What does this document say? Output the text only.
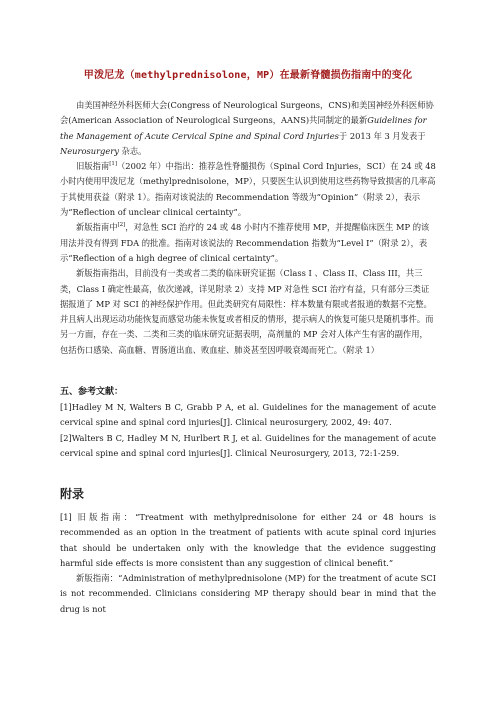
甲泼尼龙（methylprednisolone，MP）在最新脊髓损伤指南中的变化

由美国神经外科医师大会(Congress of Neurological Surgeons，CNS)和美国神经外科医师协会(American Association of Neurological Surgeons，AANS)共同制定的最新Guidelines for the Management of Acute Cervical Spine and Spinal Cord Injuries于 2013 年 3 月发表于 Neurosurgery 杂志。

旧版指南[1]（2002 年）中指出：推荐急性脊髓损伤（Spinal Cord Injuries，SCI）在 24 或 48 小时内使用甲泼尼龙（methylprednisolone，MP），只要医生认识到使用这些药物导致损害的几率高于其使用获益（附录 1）。指南对该说法的 Recommendation 等级为“Opinion”（附录 2），表示为“Reflection of unclear clinical certainty”。

新版指南中[2]，对急性 SCI 治疗的 24 或 48 小时内不推荐使用 MP，并提醒临床医生 MP 的该用法并没有得到 FDA 的批准。指南对该说法的 Recommendation 指数为“Level I”（附录 2），表示“Reflection of a high degree of clinical certainty”。

新版指南指出，目前没有一类或者二类的临床研究证据（Class I 、Class II、Class III，共三类，Class I 确定性最高，依次递减，详见附录 2）支持 MP 对急性 SCI 治疗有益，只有部分三类证据报道了 MP 对 SCI 的神经保护作用。但此类研究有局限性：样本数量有限或者报道的数据不完整。并且病人出现运动功能恢复而感觉功能未恢复或者相反的情形，提示病人的恢复可能只是随机事件。而另一方面，存在一类、二类和三类的临床研究证据表明，高剂量的 MP 会对人体产生有害的副作用，包括伤口感染、高血糖、胃肠道出血、败血症、肺炎甚至因呼吸衰竭而死亡。（附录 1）

五、参考文献：

[1]Hadley M N, Walters B C, Grabb P A, et al. Guidelines for the management of acute cervical spine and spinal cord injuries[J]. Clinical neurosurgery, 2002, 49: 407.

[2]Walters B C, Hadley M N, Hurlbert R J, et al. Guidelines for the management of acute cervical spine and spinal cord injuries[J]. Clinical Neurosurgery, 2013, 72:1-259.

附录

[1] 旧版指南：“Treatment with methylprednisolone for either 24 or 48 hours is recommended as an option in the treatment of patients with acute spinal cord injuries that should be undertaken only with the knowledge that the evidence suggesting harmful side effects is more consistent than any suggestion of clinical benefit.”

新版指南：“Administration of methylprednisolone (MP) for the treatment of acute SCI is not recommended. Clinicians considering MP therapy should bear in mind that the drug is not
